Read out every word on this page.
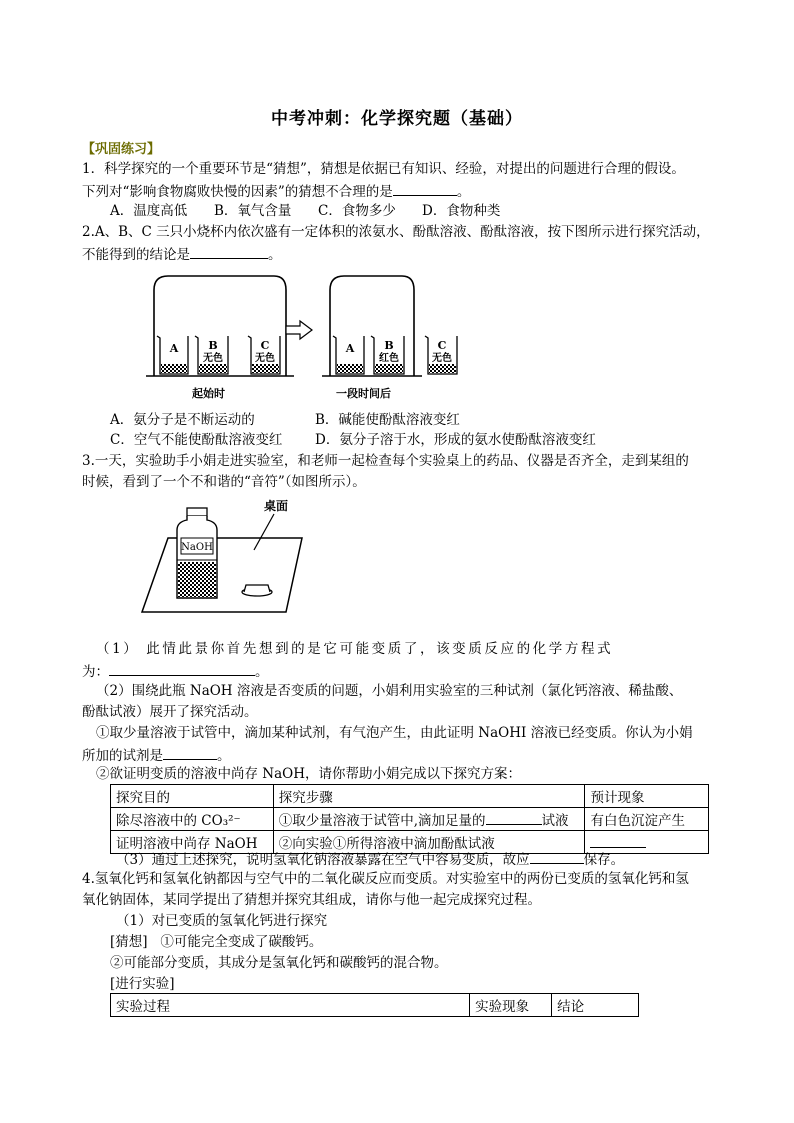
中考冲刺：化学探究题（基础）
【巩固练习】
1．科学探究的一个重要环节是“猜想”，猜想是依据已有知识、经验，对提出的问题进行合理的假设。
下列对“影响食物腐败快慢的因素”的猜想不合理的是	。
A．温度高低 B．氧气含量 C．食物多少 D．食物种类
2.A、B、C 三只小烧杯内依次盛有一定体积的浓氨水、酚酞溶液、酚酞溶液，按下图所示进行探究活动，
不能得到的结论是	。
A	B
无色
C
无色
起始时
A	B
红色
C
无色
一段时间后
A．氨分子是不断运动的	B．碱能使酚酞溶液变红
C．空气不能使酚酞溶液变红 D．氨分子溶于水，形成的氨水使酚酞溶液变红
3.一天，实验助手小娟走进实验室，和老师一起检查每个实验桌上的药品、仪器是否齐全，走到某组的
时候，看到了一个不和谐的“音符”（如图所示）。
桌面
NaOH
（1） 此情此景你首先想到的是它可能变质了，该变质反应的化学方程式
为：	。
（2）围绕此瓶 NaOH 溶液是否变质的问题，小娟利用实验室的三种试剂（氯化钙溶液、稀盐酸、
酚酞试液）展开了探究活动。
①取少量溶液于试管中，滴加某种试剂，有气泡产生，由此证明 NaOHI 溶液已经变质。你认为小娟
所加的试剂是	。
②欲证明变质的溶液中尚存 NaOH，请你帮助小娟完成以下探究方案：
探究目的	探究步骤	预计现象
除尽溶液中的 CO₃²⁻	①取少量溶液于试管中,滴加足量的 试液	有白色沉淀产生
证明溶液中尚存 NaOH	②向实验①所得溶液中滴加酚酞试液	
（3）通过上述探究，说明氢氧化钠溶液暴露在空气中容易变质，故应	保存。
4.氢氧化钙和氢氧化钠都因与空气中的二氧化碳反应而变质。对实验室中的两份已变质的氢氧化钙和氢
氧化钠固体，某同学提出了猜想并探究其组成，请你与他一起完成探究过程。
（1）对已变质的氢氧化钙进行探究
[猜想] ①可能完全变成了碳酸钙。
②可能部分变质，其成分是氢氧化钙和碳酸钙的混合物。
[进行实验]
实验过程	实验现象	结论
